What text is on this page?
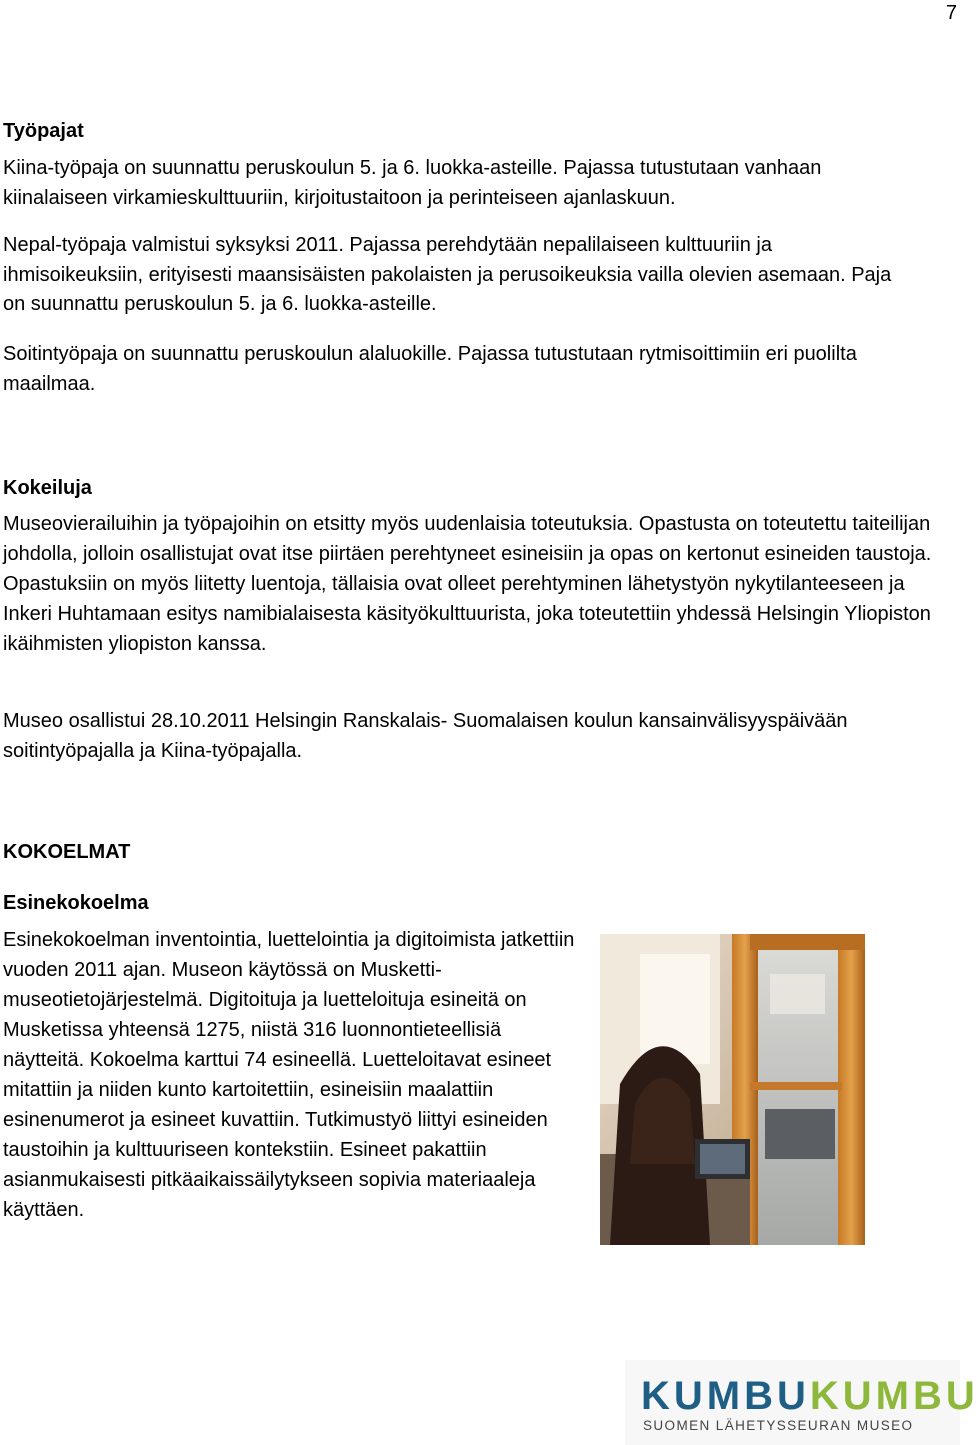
7
Työpajat

Kiina-työpaja on suunnattu peruskoulun 5. ja 6. luokka-asteille. Pajassa tutustutaan vanhaan kiinalaiseen virkamieskulttuuriin, kirjoitustaitoon ja perinteiseen ajanlaskuun.

Nepal-työpaja valmistui syksyksi 2011. Pajassa perehdytään nepalilaiseen kulttuuriin ja ihmisoikeuksiin, erityisesti maansisäisten pakolaisten ja perusoikeuksia vailla olevien asemaan. Paja on suunnattu peruskoulun 5. ja 6. luokka-asteille.

Soitintyöpaja on suunnattu peruskoulun alaluokille. Pajassa tutustutaan rytmisoittimiin eri puolilta maailmaa.

Kokeiluja

Museovierailuihin ja työpajoihin on etsitty myös uudenlaisia toteutuksia. Opastusta on toteutettu taiteilijan johdolla, jolloin osallistujat ovat itse piirtäen perehtyneet esineisiin ja opas on kertonut esineiden taustoja. Opastuksiin on myös liitetty luentoja, tällaisia ovat olleet perehtyminen lähetystyön nykytilanteeseen ja Inkeri Huhtamaan esitys namibialaisesta käsityökulttuurista, joka toteutettiin yhdessä Helsingin Yliopiston ikäihmisten yliopiston kanssa.

Museo osallistui 28.10.2011 Helsingin Ranskalais- Suomalaisen koulun kansainvälisyyspäivään soitintyöpajalla ja Kiina-työpajalla.

KOKOELMAT
Esinekokoelma

Esinekokoelman inventointia, luettelointia ja digitoimista jatkettiin vuoden 2011 ajan. Museon käytössä on Musketti-museotietojärjestelmä. Digitoituja ja luetteloituja esineitä on Musketissa yhteensä 1275, niistä 316 luonnontieteellisiä näytteitä. Kokoelma karttui 74 esineellä. Luetteloitavat esineet mitattiin ja niiden kunto kartoitettiin, esineisiin maalattiin esinenumerot ja esineet kuvattiin. Tutkimustyö liittyi esineiden taustoihin ja kulttuuriseen kontekstiin. Esineet pakattiin asianmukaisesti pitkäaikaissäilytykseen sopivia materiaaleja käyttäen.

KUMBUKUMBU
SUOMEN LÄHETYSSEURAN MUSEO
